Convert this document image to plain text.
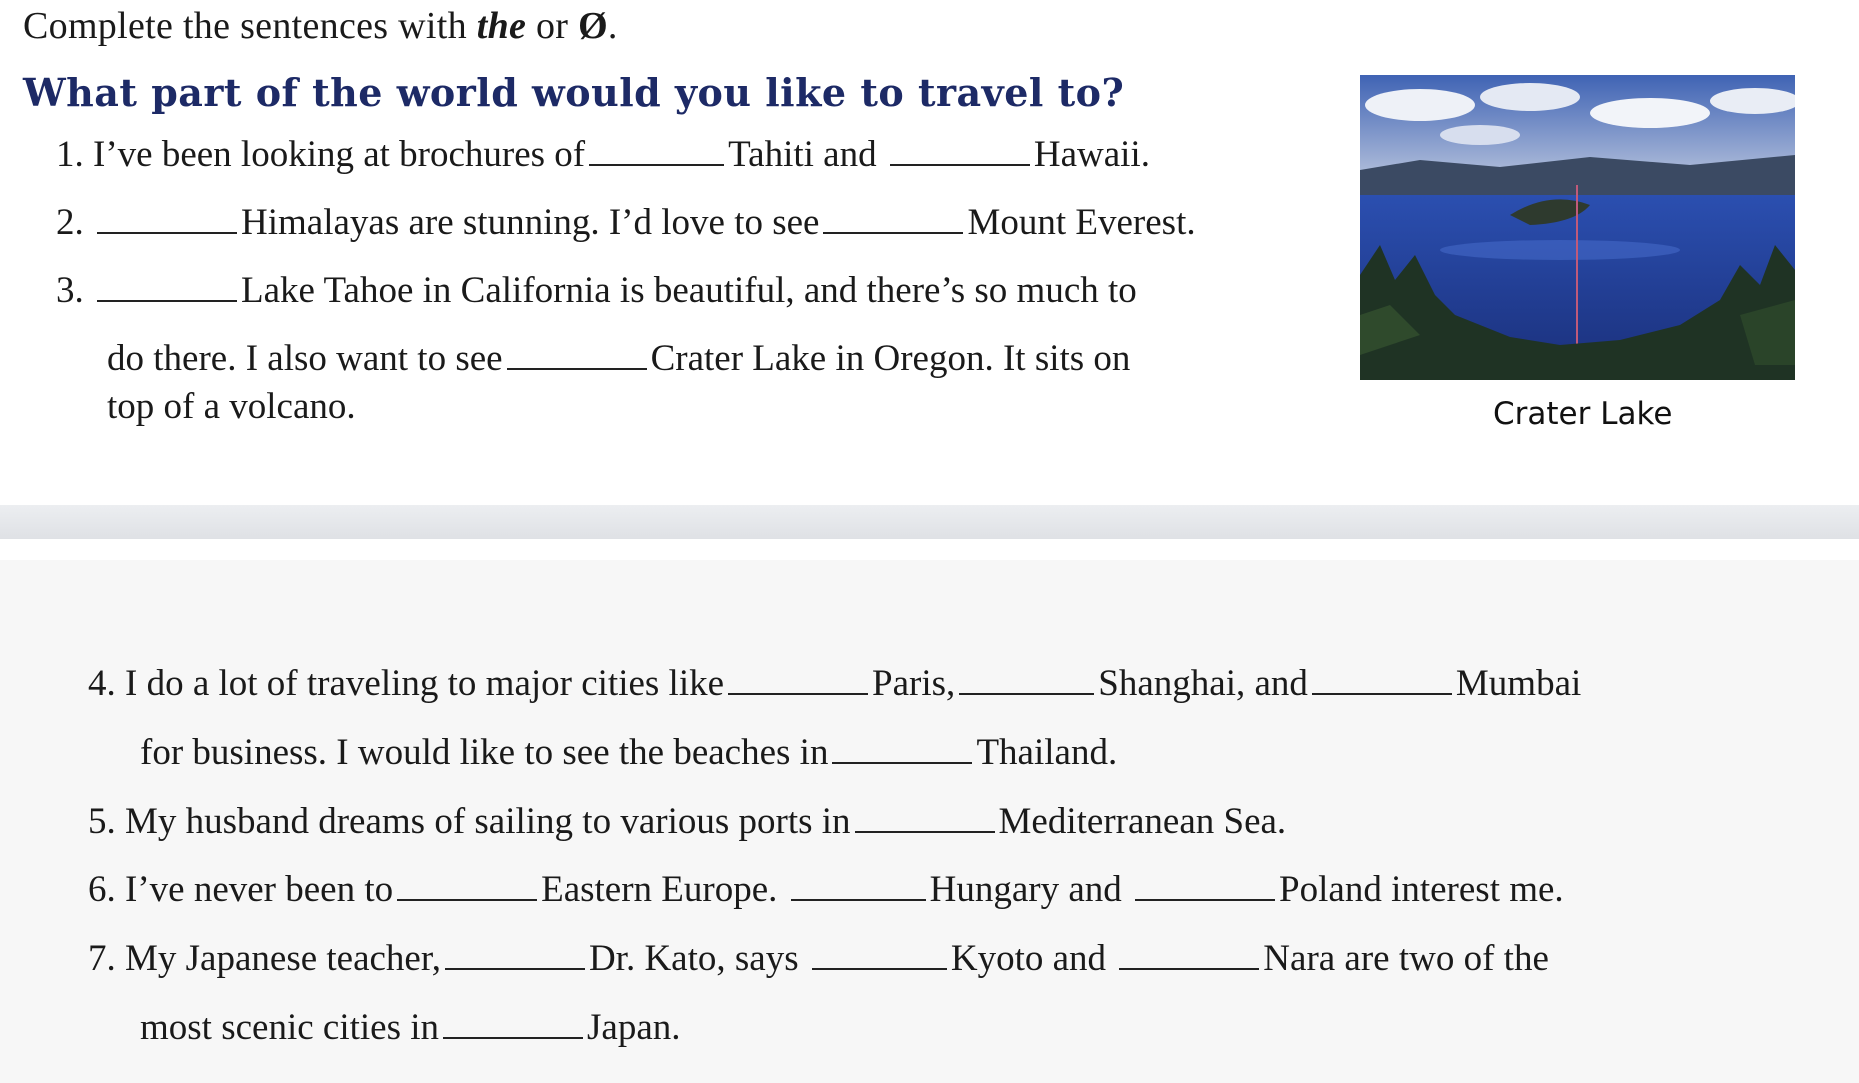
Complete the sentences with the or Ø.
What part of the world would you like to travel to?
1. I’ve been looking at brochures of	Tahiti and	Hawaii.
2.	Himalayas are stunning. I’d love to see	Mount Everest.
3.	Lake Tahoe in California is beautiful, and there’s so much to
do there. I also want to see	Crater Lake in Oregon. It sits on
top of a volcano.	Crater Lake
4. I do a lot of traveling to major cities like	Paris,	Shanghai, and	Mumbai
for business. I would like to see the beaches in	Thailand.
5. My husband dreams of sailing to various ports in	Mediterranean Sea.
6. I’ve never been to	Eastern Europe.	Hungary and	Poland interest me.
7. My Japanese teacher,	Dr. Kato, says	Kyoto and	Nara are two of the
most scenic cities in	Japan.
